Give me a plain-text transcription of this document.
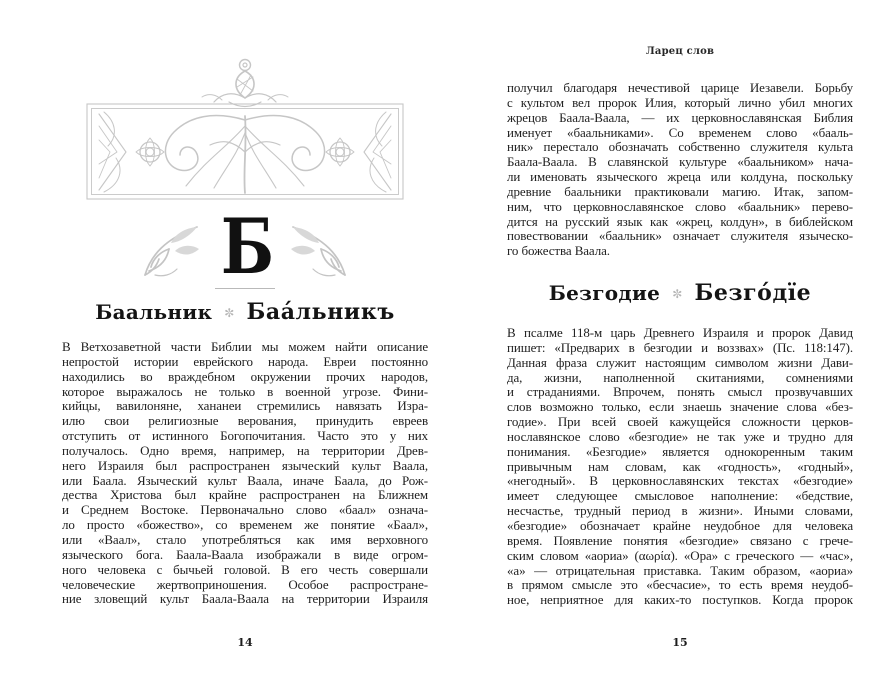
Б
Баальник ✼ Баа́льникъ
В Ветхозаветной части Библии мы можем найти описание
непростой истории еврейского народа. Евреи постоянно
находились во враждебном окружении прочих народов,
которое выражалось не только в военной угрозе. Фини-
кийцы, вавилоняне, хананеи стремились навязать Изра-
илю свои религиозные верования, принудить евреев
отступить от истинного Богопочитания. Часто это у них
получалось. Одно время, например, на территории Древ-
него Израиля был распространен языческий культ Ваала,
или Баала. Языческий культ Ваала, иначе Баала, до Рож-
дества Христова был крайне распространен на Ближнем
и Среднем Востоке. Первоначально слово «баал» означа-
ло просто «божество», со временем же понятие «Баал»,
или «Ваал», стало употребляться как имя верховного
языческого бога. Баала-Ваала изображали в виде огром-
ного человека с бычьей головой. В его честь совершали
человеческие жертвоприношения. Особое распростране-
ние зловещий культ Баала-Ваала на территории Израиля
14
Ларец слов
получил благодаря нечестивой царице Иезавели. Борьбу
с культом вел пророк Илия, который лично убил многих
жрецов Баала-Ваала, — их церковнославянская Библия
именует «баальниками». Со временем слово «бааль-
ник» перестало обозначать собственно служителя культа
Баала-Ваала. В славянской культуре «баальником» нача-
ли именовать языческого жреца или колдуна, поскольку
древние баальники практиковали магию. Итак, запом-
ним, что церковнославянское слово «баальник» перево-
дится на русский язык как «жрец, колдун», в библейском
повествовании «баальник» означает служителя языческо-
го божества Ваала.
Безгодие ✼ Безго́дїе
В псалме 118-м царь Древнего Израиля и пророк Давид
пишет: «Предварих в безгодии и воззвах» (Пс. 118:147).
Данная фраза служит настоящим символом жизни Дави-
да, жизни, наполненной скитаниями, сомнениями
и страданиями. Впрочем, понять смысл прозвучавших
слов возможно только, если знаешь значение слова «без-
годие». При всей своей кажущейся сложности церков-
нославянское слово «безгодие» не так уже и трудно для
понимания. «Безгодие» является однокоренным таким
привычным нам словам, как «годность», «годный»,
«негодный». В церковнославянских текстах «безгодие»
имеет следующее смысловое наполнение: «бедствие,
несчастье, трудный период в жизни». Иными словами,
«безгодие» обозначает крайне неудобное для человека
время. Появление понятия «безгодие» связано с грече-
ским словом «аориа» (αωρία). «Ора» с греческого — «час»,
«а» — отрицательная приставка. Таким образом, «аориа»
в прямом смысле это «бесчасие», то есть время неудоб-
ное, неприятное для каких-то поступков. Когда пророк
15
